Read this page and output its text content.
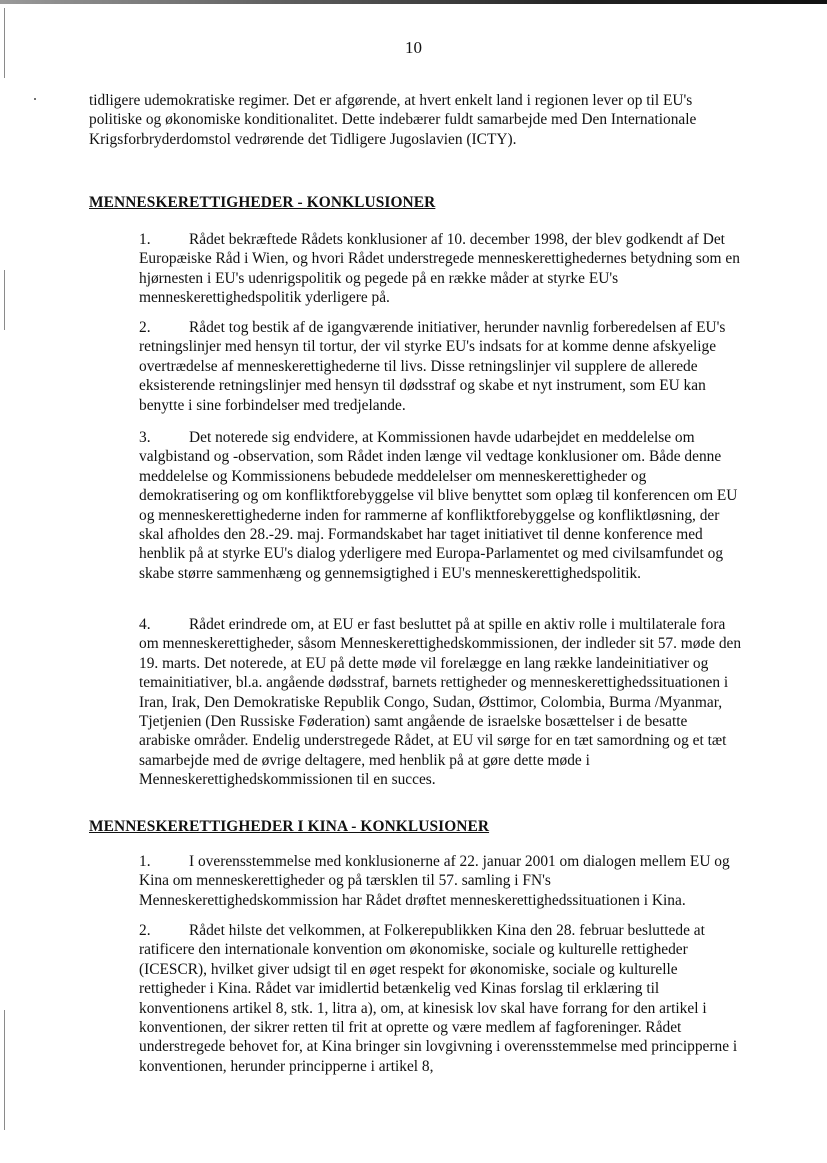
10

tidligere udemokratiske regimer. Det er afgørende, at hvert enkelt land i regionen lever op til EU's politiske og økonomiske konditionalitet. Dette indebærer fuldt samarbejde med Den Internationale Krigsforbryderdomstol vedrørende det Tidligere Jugoslavien (ICTY).

MENNESKERETTIGHEDER - KONKLUSIONER
1. Rådet bekræftede Rådets konklusioner af 10. december 1998, der blev godkendt af Det Europæiske Råd i Wien, og hvori Rådet understregede menneskerettighedernes betydning som en hjørnesten i EU's udenrigspolitik og pegede på en række måder at styrke EU's menneskerettighedspolitik yderligere på.
2. Rådet tog bestik af de igangværende initiativer, herunder navnlig forberedelsen af EU's retningslinjer med hensyn til tortur, der vil styrke EU's indsats for at komme denne afskyelige overtrædelse af menneskerettighederne til livs. Disse retningslinjer vil supplere de allerede eksisterende retningslinjer med hensyn til dødsstraf og skabe et nyt instrument, som EU kan benytte i sine forbindelser med tredjelande.
3. Det noterede sig endvidere, at Kommissionen havde udarbejdet en meddelelse om valgbistand og -observation, som Rådet inden længe vil vedtage konklusioner om. Både denne meddelelse og Kommissionens bebudede meddelelser om menneskerettigheder og demokratisering og om konfliktforebyggelse vil blive benyttet som oplæg til konferencen om EU og menneskerettighederne inden for rammerne af konfliktforebyggelse og konfliktløsning, der skal afholdes den 28.-29. maj. Formandskabet har taget initiativet til denne konference med henblik på at styrke EU's dialog yderligere med Europa-Parlamentet og med civilsamfundet og skabe større sammenhæng og gennemsigtighed i EU's menneskerettighedspolitik.
4. Rådet erindrede om, at EU er fast besluttet på at spille en aktiv rolle i multilaterale fora om menneskerettigheder, såsom Menneskerettighedskommissionen, der indleder sit 57. møde den 19. marts. Det noterede, at EU på dette møde vil forelægge en lang række landeinitiativer og temainitiativer, bl.a. angående dødsstraf, barnets rettigheder og menneskerettighedssituationen i Iran, Irak, Den Demokratiske Republik Congo, Sudan, Østtimor, Colombia, Burma /Myanmar, Tjetjenien (Den Russiske Føderation) samt angående de israelske bosættelser i de besatte arabiske områder. Endelig understregede Rådet, at EU vil sørge for en tæt samordning og et tæt samarbejde med de øvrige deltagere, med henblik på at gøre dette møde i Menneskerettighedskommissionen til en succes.
MENNESKERETTIGHEDER I KINA - KONKLUSIONER
1. I overensstemmelse med konklusionerne af 22. januar 2001 om dialogen mellem EU og Kina om menneskerettigheder og på tærsklen til 57. samling i FN's Menneskerettighedskommission har Rådet drøftet menneskerettighedssituationen i Kina.
2. Rådet hilste det velkommen, at Folkerepublikken Kina den 28. februar besluttede at ratificere den internationale konvention om økonomiske, sociale og kulturelle rettigheder (ICESCR), hvilket giver udsigt til en øget respekt for økonomiske, sociale og kulturelle rettigheder i Kina. Rådet var imidlertid betænkelig ved Kinas forslag til erklæring til konventionens artikel 8, stk. 1, litra a), om, at kinesisk lov skal have forrang for den artikel i konventionen, der sikrer retten til frit at oprette og være medlem af fagforeninger. Rådet understregede behovet for, at Kina bringer sin lovgivning i overensstemmelse med principperne i konventionen, herunder principperne i artikel 8,
